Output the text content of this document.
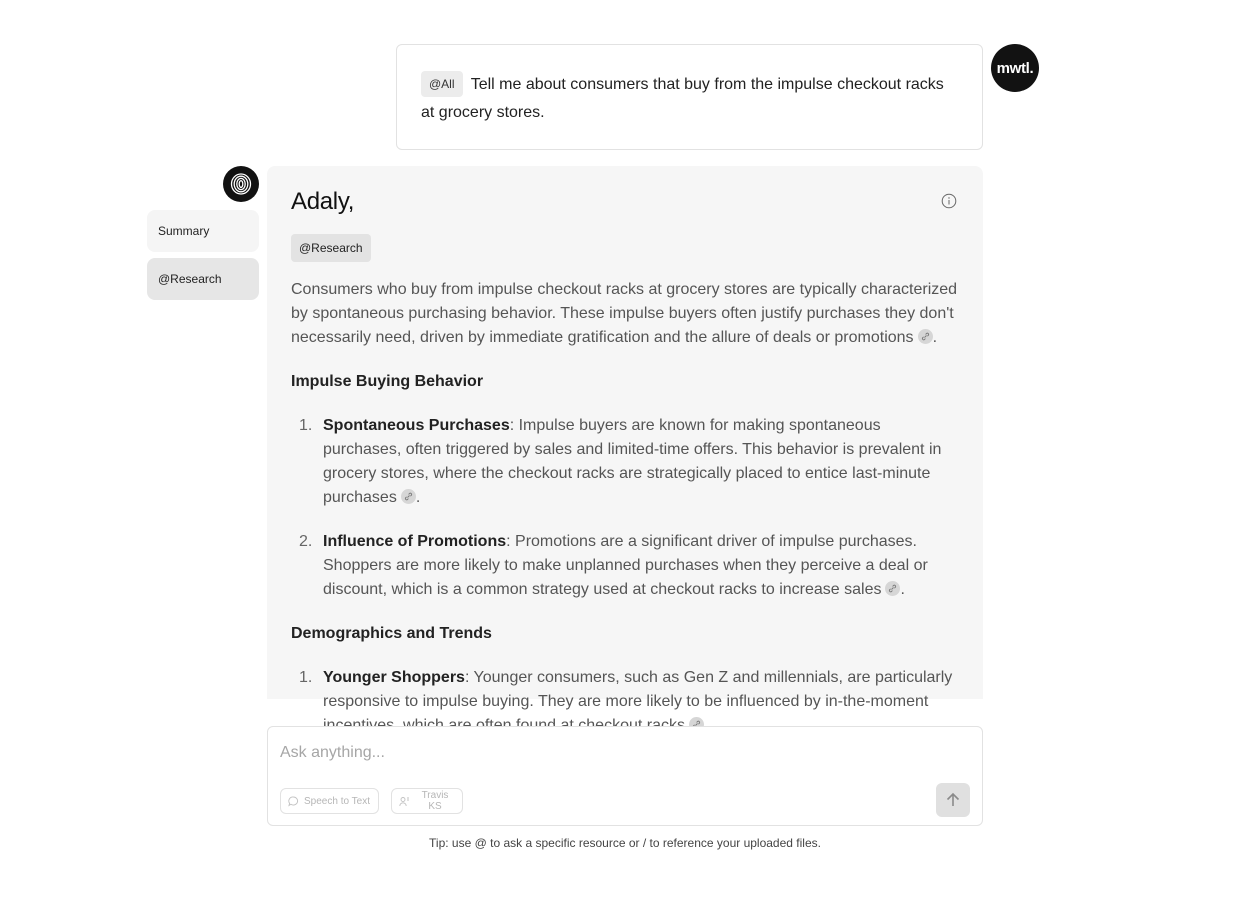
@All Tell me about consumers that buy from the impulse checkout racks at grocery stores.
mwtl.
Summary
@Research
Adaly,
@Research
Consumers who buy from impulse checkout racks at grocery stores are typically characterized by spontaneous purchasing behavior. These impulse buyers often justify purchases they don't necessarily need, driven by immediate gratification and the allure of deals or promotions .
Impulse Buying Behavior
1. Spontaneous Purchases: Impulse buyers are known for making spontaneous purchases, often triggered by sales and limited-time offers. This behavior is prevalent in grocery stores, where the checkout racks are strategically placed to entice last-minute purchases .
2. Influence of Promotions: Promotions are a significant driver of impulse purchases. Shoppers are more likely to make unplanned purchases when they perceive a deal or discount, which is a common strategy used at checkout racks to increase sales .
Demographics and Trends
1. Younger Shoppers: Younger consumers, such as Gen Z and millennials, are particularly responsive to impulse buying. They are more likely to be influenced by in-the-moment
Ask anything...
Speech to Text	Travis KS
Tip: use @ to ask a specific resource or / to reference your uploaded files.
